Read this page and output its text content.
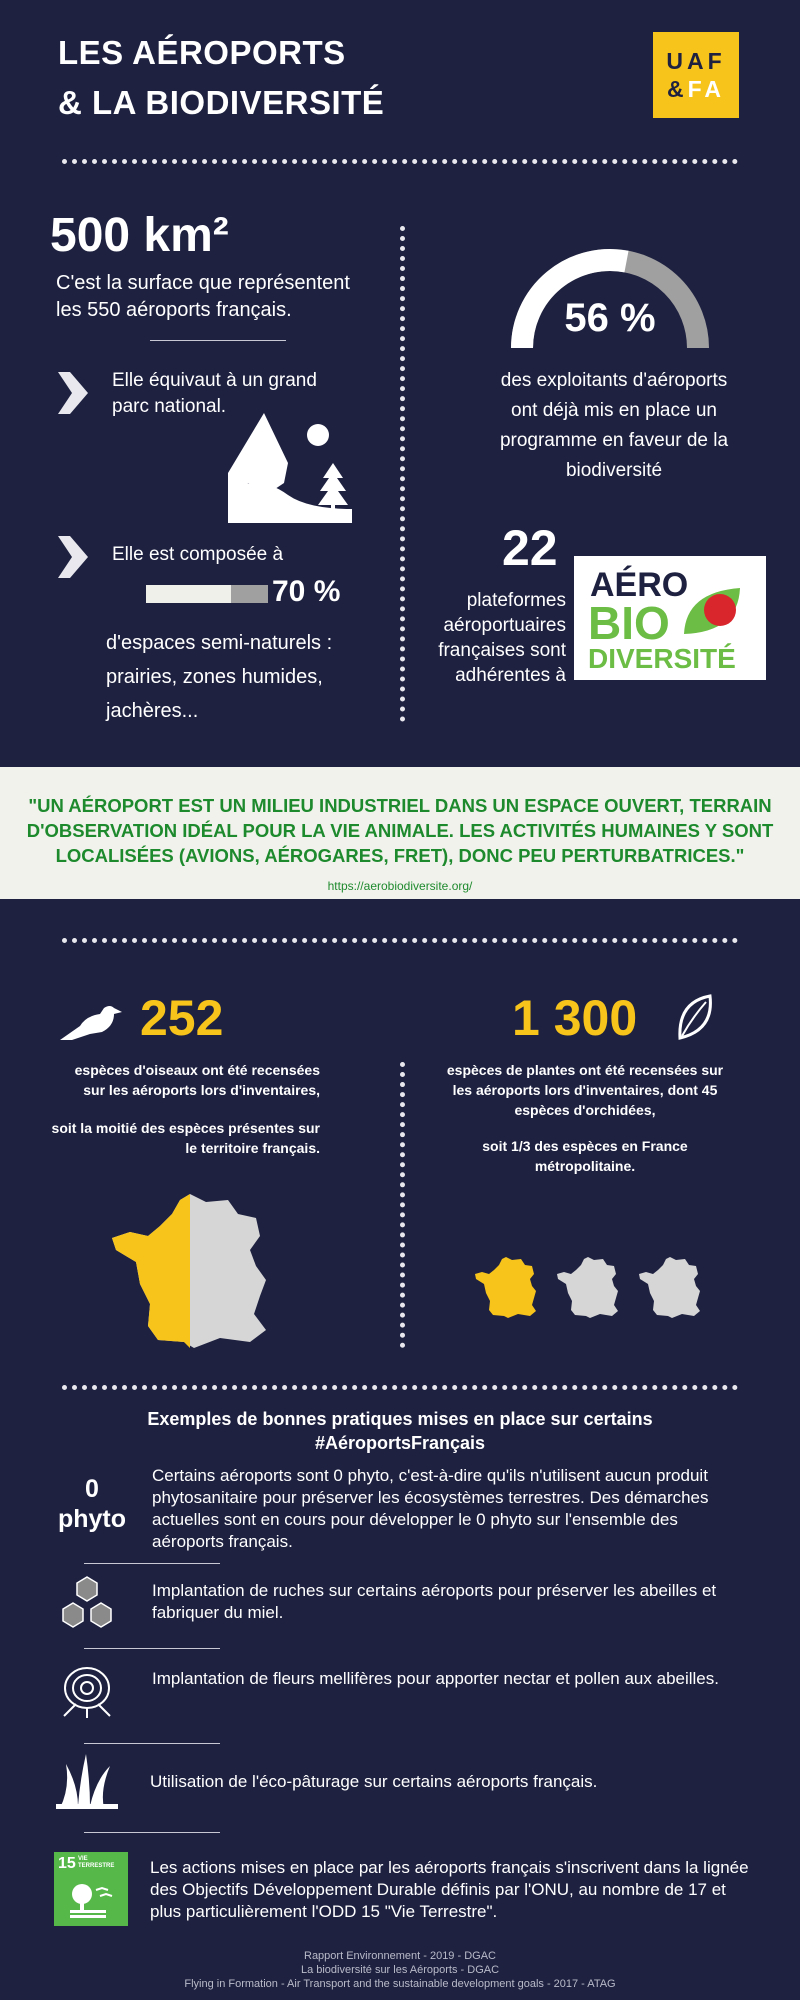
LES AÉROPORTS
& LA BIODIVERSITÉ
UAF
&FA
500 km²
C'est la surface que représentent les 550 aéroports français.
Elle équivaut à un grand parc national.
Elle est composée à
70 %
d'espaces semi-naturels : prairies, zones humides, jachères...
56 %
des exploitants d'aéroports ont déjà mis en place un programme en faveur de la biodiversité
22
plateformes aéroportuaires françaises sont adhérentes à
AÉRO
BIO
DIVERSITÉ
"UN AÉROPORT EST UN MILIEU INDUSTRIEL DANS UN ESPACE OUVERT, TERRAIN D'OBSERVATION IDÉAL POUR LA VIE ANIMALE. LES ACTIVITÉS HUMAINES Y SONT LOCALISÉES (AVIONS, AÉROGARES, FRET), DONC PEU PERTURBATRICES."
https://aerobiodiversite.org/
252
espèces d'oiseaux ont été recensées sur les aéroports lors d'inventaires,
soit la moitié des espèces présentes sur le territoire français.
1 300
espèces de plantes ont été recensées sur les aéroports lors d'inventaires, dont 45 espèces d'orchidées,
soit 1/3 des espèces en France métropolitaine.
Exemples de bonnes pratiques mises en place sur certains
#AéroportsFrançais
0
phyto
Certains aéroports sont 0 phyto, c'est-à-dire qu'ils n'utilisent aucun produit phytosanitaire pour préserver les écosystèmes terrestres. Des démarches actuelles sont en cours pour développer le 0 phyto sur l'ensemble des aéroports français.
Implantation de ruches sur certains aéroports pour préserver les abeilles et fabriquer du miel.
Implantation de fleurs mellifères pour apporter nectar et pollen aux abeilles.
Utilisation de l'éco-pâturage sur certains aéroports français.
15 VIE TERRESTRE Les actions mises en place par les aéroports français s'inscrivent dans la lignée des Objectifs Développement Durable définis par l'ONU, au nombre de 17 et plus particulièrement l'ODD 15 "Vie Terrestre".
Rapport Environnement - 2019 - DGAC
La biodiversité sur les Aéroports - DGAC
Flying in Formation - Air Transport and the sustainable development goals - 2017 - ATAG
